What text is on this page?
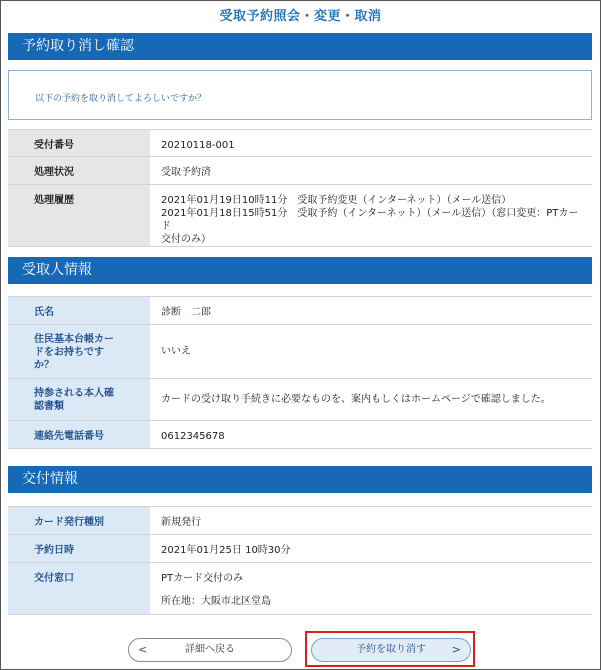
受取予約照会・変更・取消
予約取り消し確認
以下の予約を取り消してよろしいですか？
受付番号	20210118-001
処理状況	受取予約済
処理履歴	2021年01月19日10時11分　受取予約変更（インターネット）（メール送信）
2021年01月18日15時51分　受取予約（インターネット）（メール送信）（窓口変更：PTカード
交付のみ）
受取人情報
氏名	診断　二郎

住民基本台帳カー
ドをお持ちです
か？	いいえ

持参される本人確
認書類	カードの受け取り手続きに必要なものを、案内もしくはホームページで確認しました。
連絡先電話番号	0612345678
交付情報
カード発行種別	新規発行
予約日時	2021年01月25日 10時30分
交付窓口	PTカード交付のみ
所在地：大阪市北区堂島
<	詳細へ戻る	予約を取り消す >
